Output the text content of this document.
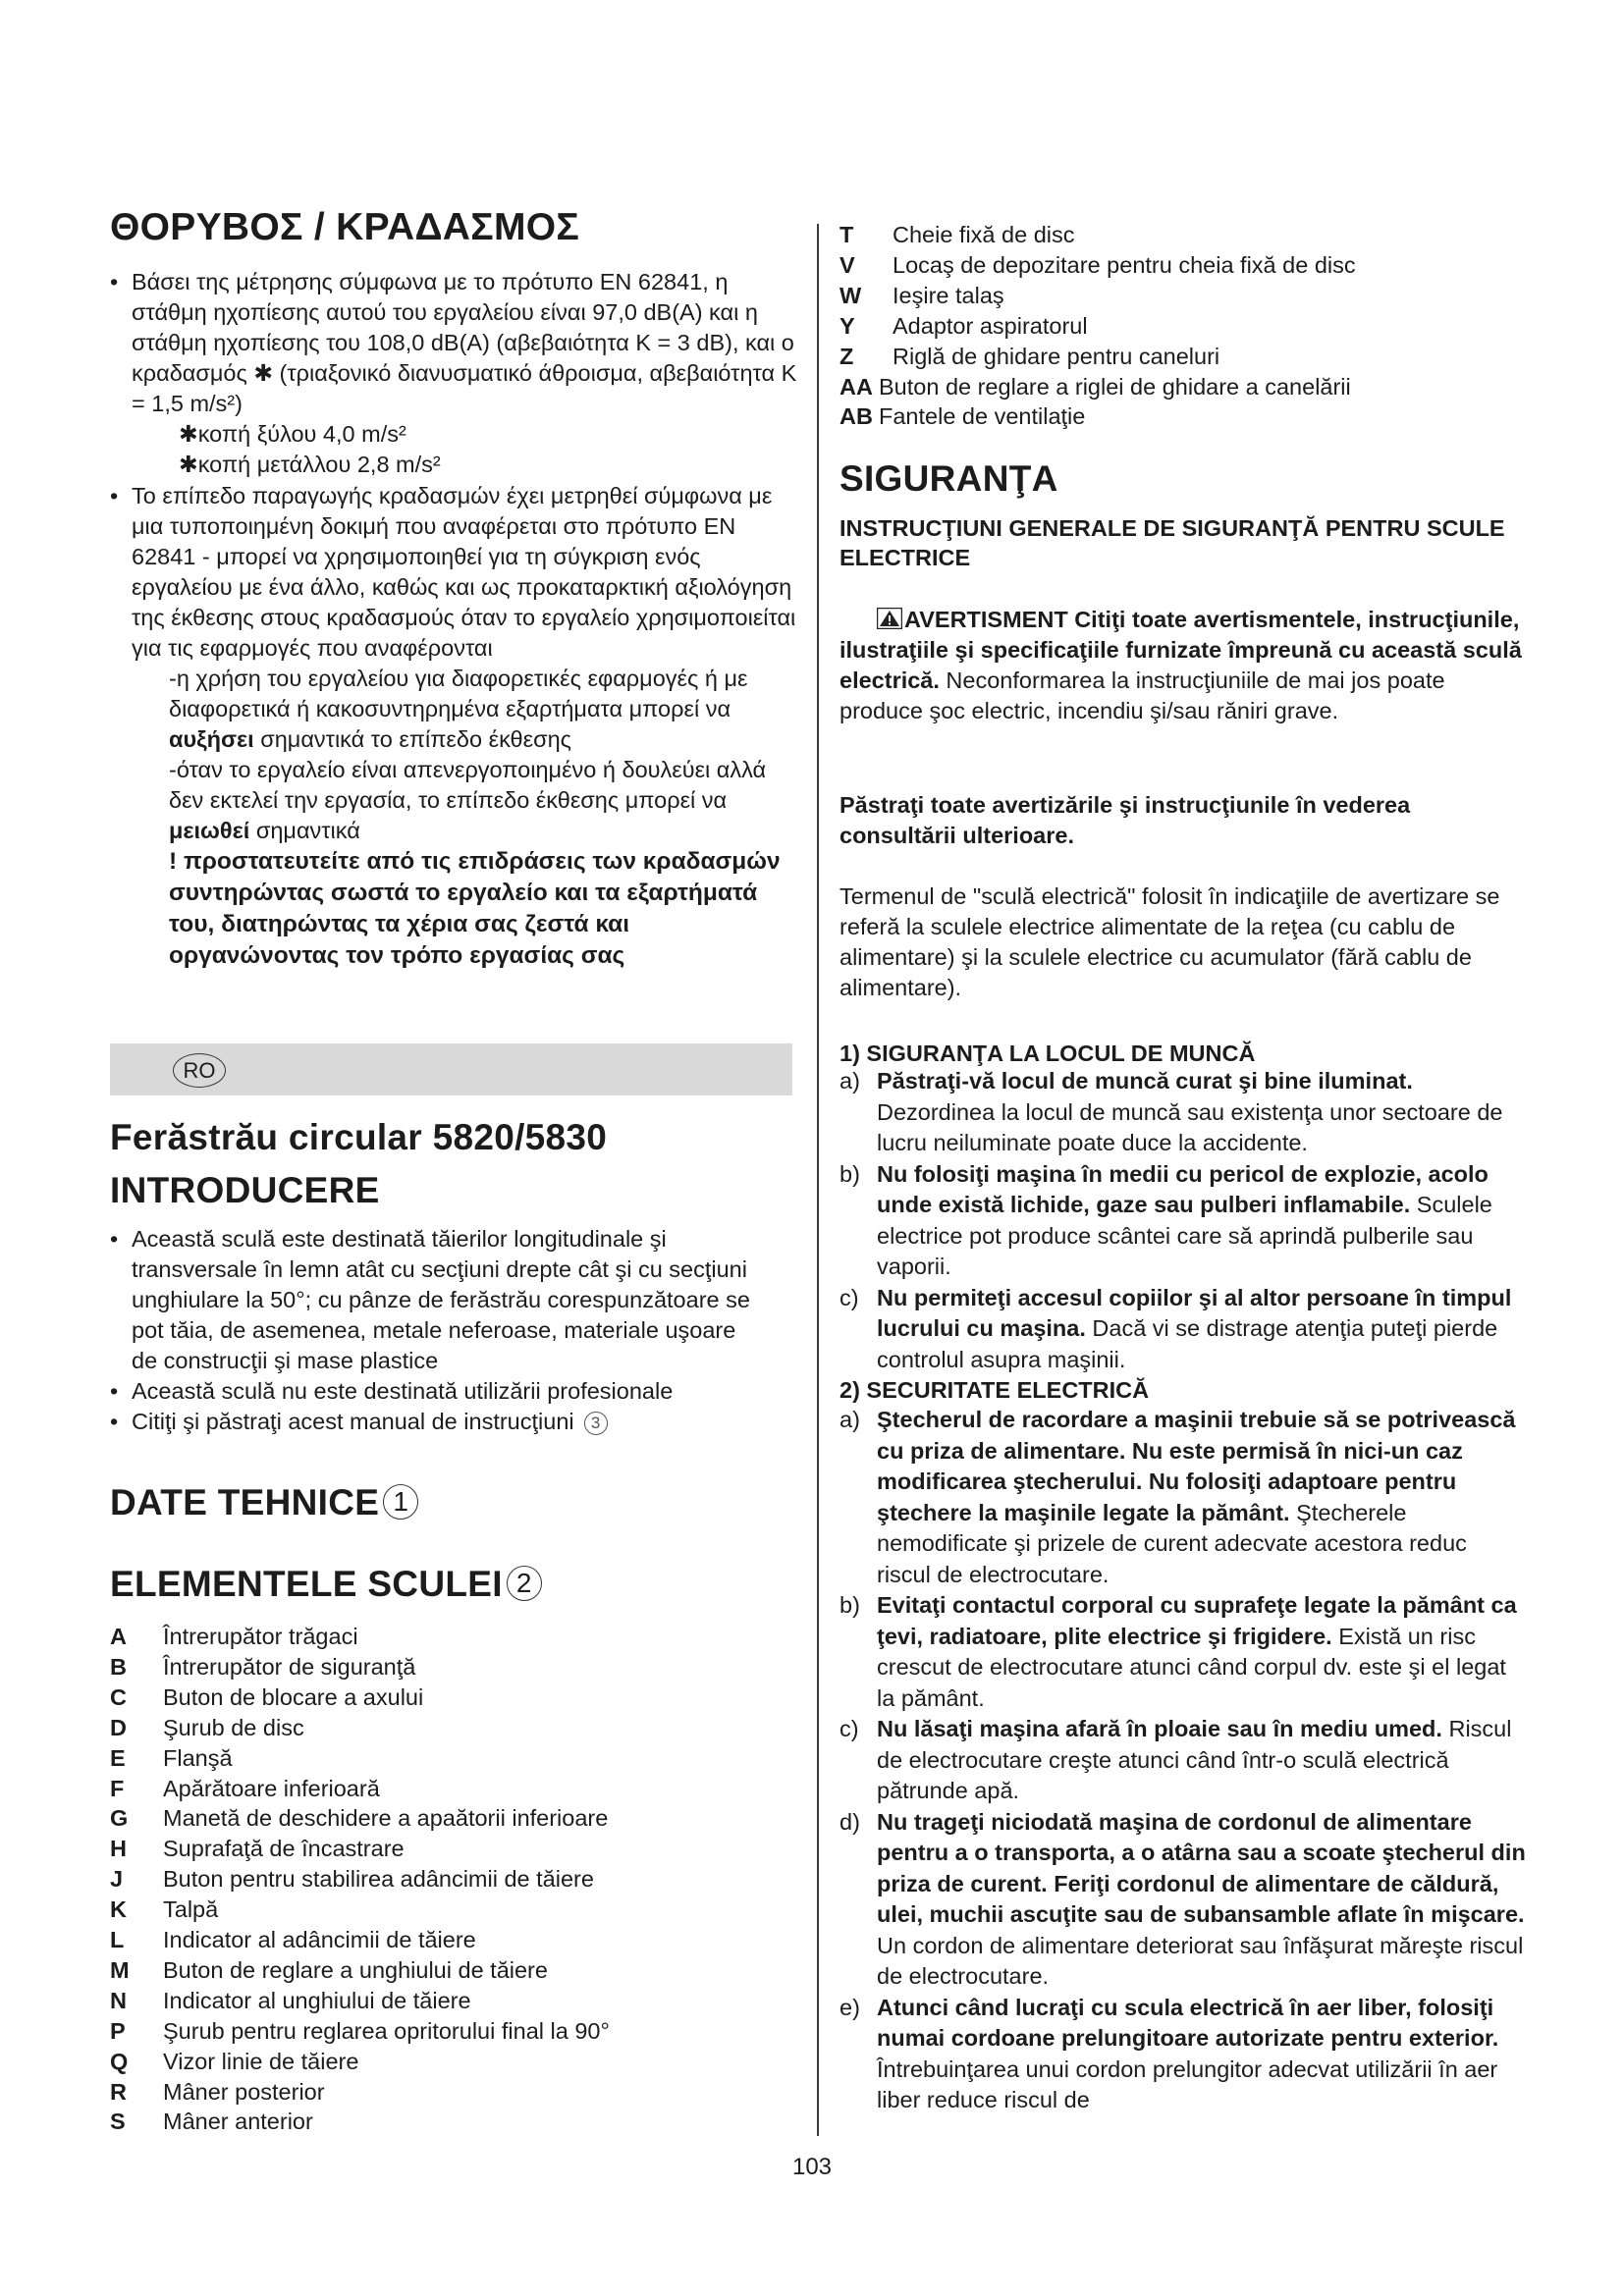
ΘΟΡΥΒΟΣ / ΚΡΑΔΑΣΜΟΣ
• Βάσει της μέτρησης σύμφωνα με το πρότυπο EN 62841, η στάθμη ηχοπίεσης αυτού του εργαλείου είναι 97,0 dB(A) και η στάθμη ηχοπίεσης του 108,0 dB(A) (αβεβαιότητα K = 3 dB), και ο κραδασμός ✱ (τριαξονικό διανυσματικό άθροισμα, αβεβαιότητα K = 1,5 m/s²)
✱κοπή ξύλου 4,0 m/s²
✱κοπή μετάλλου 2,8 m/s²
• Το επίπεδο παραγωγής κραδασμών έχει μετρηθεί σύμφωνα με μια τυποποιημένη δοκιμή που αναφέρεται στο πρότυπο EN 62841 - μπορεί να χρησιμοποιηθεί για τη σύγκριση ενός εργαλείου με ένα άλλο, καθώς και ως προκαταρκτική αξιολόγηση της έκθεσης στους κραδασμούς όταν το εργαλείο χρησιμοποιείται για τις εφαρμογές που αναφέρονται
-η χρήση του εργαλείου για διαφορετικές εφαρμογές ή με διαφορετικά ή κακοσυντηρημένα εξαρτήματα μπορεί να αυξήσει σημαντικά το επίπεδο έκθεσης
-όταν το εργαλείο είναι απενεργοποιημένο ή δουλεύει αλλά δεν εκτελεί την εργασία, το επίπεδο έκθεσης μπορεί να μειωθεί σημαντικά
! προστατευτείτε από τις επιδράσεις των κραδασμών συντηρώντας σωστά το εργαλείο και τα εξαρτήματά του, διατηρώντας τα χέρια σας ζεστά και οργανώνοντας τον τρόπο εργασίας σας
RO
Ferăstrău circular 5820/5830
INTRODUCERE
• Această sculă este destinată tăierilor longitudinale şi transversale în lemn atât cu secţiuni drepte cât şi cu secţiuni unghiulare la 50°; cu pânze de ferăstrău corespunzătoare se pot tăia, de asemenea, metale neferoase, materiale uşoare de construcţii şi mase plastice
• Această sculă nu este destinată utilizării profesionale
• Citiţi şi păstraţi acest manual de instrucţiuni 3
DATE TEHNICE 1
ELEMENTELE SCULEI 2
A Întrerupător trăgaci
B Întrerupător de siguranţă
C Buton de blocare a axului
D Şurub de disc
E Flanşă
F Apărătoare inferioară
G Manetă de deschidere a apaătorii inferioare
H Suprafaţă de încastrare
J Buton pentru stabilirea adâncimii de tăiere
K Talpă
L Indicator al adâncimii de tăiere
M Buton de reglare a unghiului de tăiere
N Indicator al unghiului de tăiere
P Şurub pentru reglarea opritorului final la 90°
Q Vizor linie de tăiere
R Mâner posterior
S Mâner anterior
T Cheie fixă de disc
V Locaş de depozitare pentru cheia fixă de disc
W Ieşire talaş
Y Adaptor aspiratorul
Z Riglă de ghidare pentru caneluri
AA Buton de reglare a riglei de ghidare a canelării
AB Fantele de ventilaţie
SIGURANŢA
INSTRUCŢIUNI GENERALE DE SIGURANŢĂ PENTRU SCULE ELECTRICE
AVERTISMENT Citiţi toate avertismentele, instrucţiunile, ilustraţiile şi specificaţiile furnizate împreună cu această sculă electrică. Neconformarea la instrucţiuniile de mai jos poate produce şoc electric, incendiu şi/sau răniri grave.
Păstraţi toate avertizările şi instrucţiunile în vederea consultării ulterioare.
Termenul de "sculă electrică" folosit în indicaţiile de avertizare se referă la sculele electrice alimentate de la reţea (cu cablu de alimentare) şi la sculele electrice cu acumulator (fără cablu de alimentare).
1) SIGURANŢA LA LOCUL DE MUNCĂ
a) Păstraţi-vă locul de muncă curat şi bine iluminat. Dezordinea la locul de muncă sau existenţa unor sectoare de lucru neiluminate poate duce la accidente.
b) Nu folosiţi maşina în medii cu pericol de explozie, acolo unde există lichide, gaze sau pulberi inflamabile. Sculele electrice pot produce scântei care să aprindă pulberile sau vaporii.
c) Nu permiteţi accesul copiilor şi al altor persoane în timpul lucrului cu maşina. Dacă vi se distrage atenţia puteţi pierde controlul asupra maşinii.
2) SECURITATE ELECTRICĂ
a) Ştecherul de racordare a maşinii trebuie să se potrivească cu priza de alimentare. Nu este permisă în nici-un caz modificarea ştecherului. Nu folosiţi adaptoare pentru ştechere la maşinile legate la pământ. Ştecherele nemodificate şi prizele de curent adecvate acestora reduc riscul de electrocutare.
b) Evitaţi contactul corporal cu suprafeţe legate la pământ ca ţevi, radiatoare, plite electrice şi frigidere. Există un risc crescut de electrocutare atunci când corpul dv. este şi el legat la pământ.
c) Nu lăsaţi maşina afară în ploaie sau în mediu umed. Riscul de electrocutare creşte atunci când într-o sculă electrică pătrunde apă.
d) Nu trageţi niciodată maşina de cordonul de alimentare pentru a o transporta, a o atârna sau a scoate ştecherul din priza de curent. Feriţi cordonul de alimentare de căldură, ulei, muchii ascuţite sau de subansamble aflate în mişcare. Un cordon de alimentare deteriorat sau înfăşurat măreşte riscul de electrocutare.
e) Atunci când lucraţi cu scula electrică în aer liber, folosiţi numai cordoane prelungitoare autorizate pentru exterior. Întrebuinţarea unui cordon prelungitor adecvat utilizării în aer liber reduce riscul de
103
